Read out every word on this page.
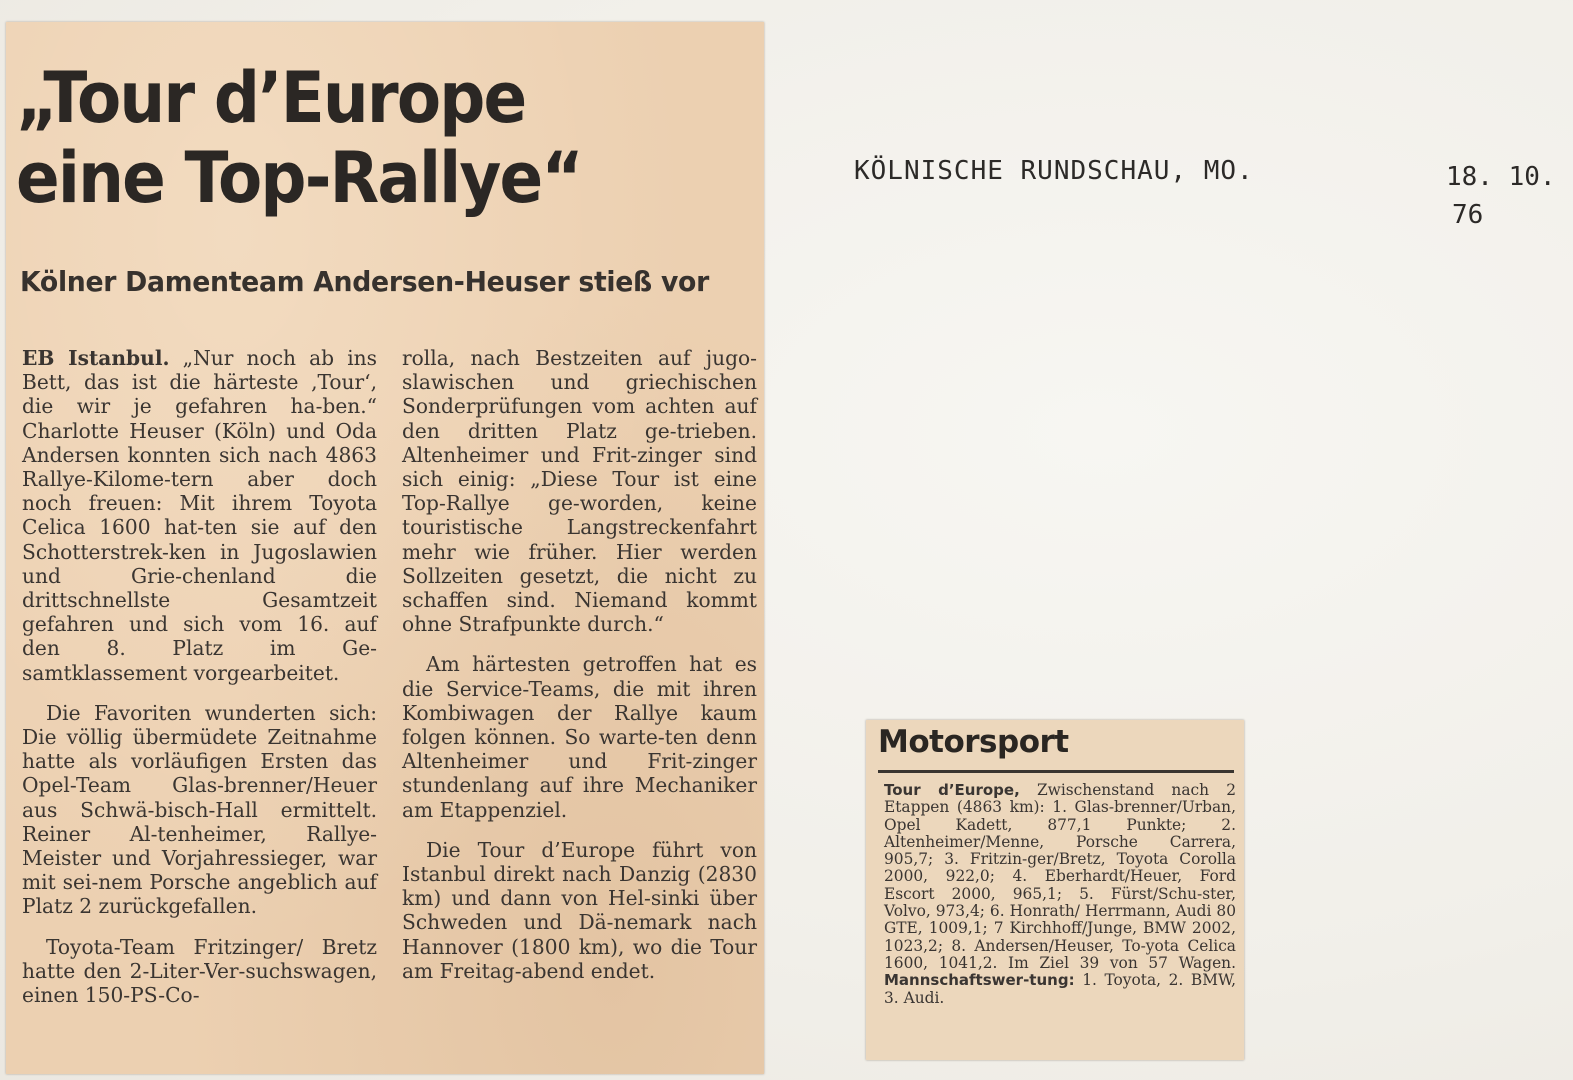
„Tour d’Europe
eine Top-Rallye“
Kölner Damenteam Andersen-Heuser stieß vor

EB Istanbul. „Nur noch ab ins Bett, das ist die härteste ‚Tour‘, die wir je gefahren ha-ben.“ Charlotte Heuser (Köln) und Oda Andersen konnten sich nach 4863 Rallye-Kilome-tern aber doch noch freuen: Mit ihrem Toyota Celica 1600 hat-ten sie auf den Schotterstrek-ken in Jugoslawien und Grie-chenland die drittschnellste Gesamtzeit gefahren und sich vom 16. auf den 8. Platz im Ge-samtklassement vorgearbeitet.

Die Favoriten wunderten sich: Die völlig übermüdete Zeitnahme hatte als vorläufigen Ersten das Opel-Team Glas-brenner/Heuer aus Schwä-bisch-Hall ermittelt. Reiner Al-tenheimer, Rallye-Meister und Vorjahressieger, war mit sei-nem Porsche angeblich auf Platz 2 zurückgefallen.

Toyota-Team Fritzinger/ Bretz hatte den 2-Liter-Ver-suchswagen, einen 150-PS-Co-

rolla, nach Bestzeiten auf jugo-slawischen und griechischen Sonderprüfungen vom achten auf den dritten Platz ge-trieben. Altenheimer und Frit-zinger sind sich einig: „Diese Tour ist eine Top-Rallye ge-worden, keine touristische Langstreckenfahrt mehr wie früher. Hier werden Sollzeiten gesetzt, die nicht zu schaffen sind. Niemand kommt ohne Strafpunkte durch.“

Am härtesten getroffen hat es die Service-Teams, die mit ihren Kombiwagen der Rallye kaum folgen können. So warte-ten denn Altenheimer und Frit-zinger stundenlang auf ihre Mechaniker am Etappenziel.

Die Tour d’Europe führt von Istanbul direkt nach Danzig (2830 km) und dann von Hel-sinki über Schweden und Dä-nemark nach Hannover (1800 km), wo die Tour am Freitag-abend endet.

KÖLNISCHE RUNDSCHAU, MO.	18. 10.
76
Motorsport

Tour d’Europe, Zwischenstand nach 2 Etappen (4863 km): 1. Glas-brenner/Urban, Opel Kadett, 877,1 Punkte; 2. Altenheimer/Menne, Porsche Carrera, 905,7; 3. Fritzin-ger/Bretz, Toyota Corolla 2000, 922,0; 4. Eberhardt/Heuer, Ford Escort 2000, 965,1; 5. Fürst/Schu-ster, Volvo, 973,4; 6. Honrath/ Herrmann, Audi 80 GTE, 1009,1; 7 Kirchhoff/Junge, BMW 2002, 1023,2; 8. Andersen/Heuser, To-yota Celica 1600, 1041,2. Im Ziel 39 von 57 Wagen. Mannschaftswer-tung: 1. Toyota, 2. BMW, 3. Audi.
